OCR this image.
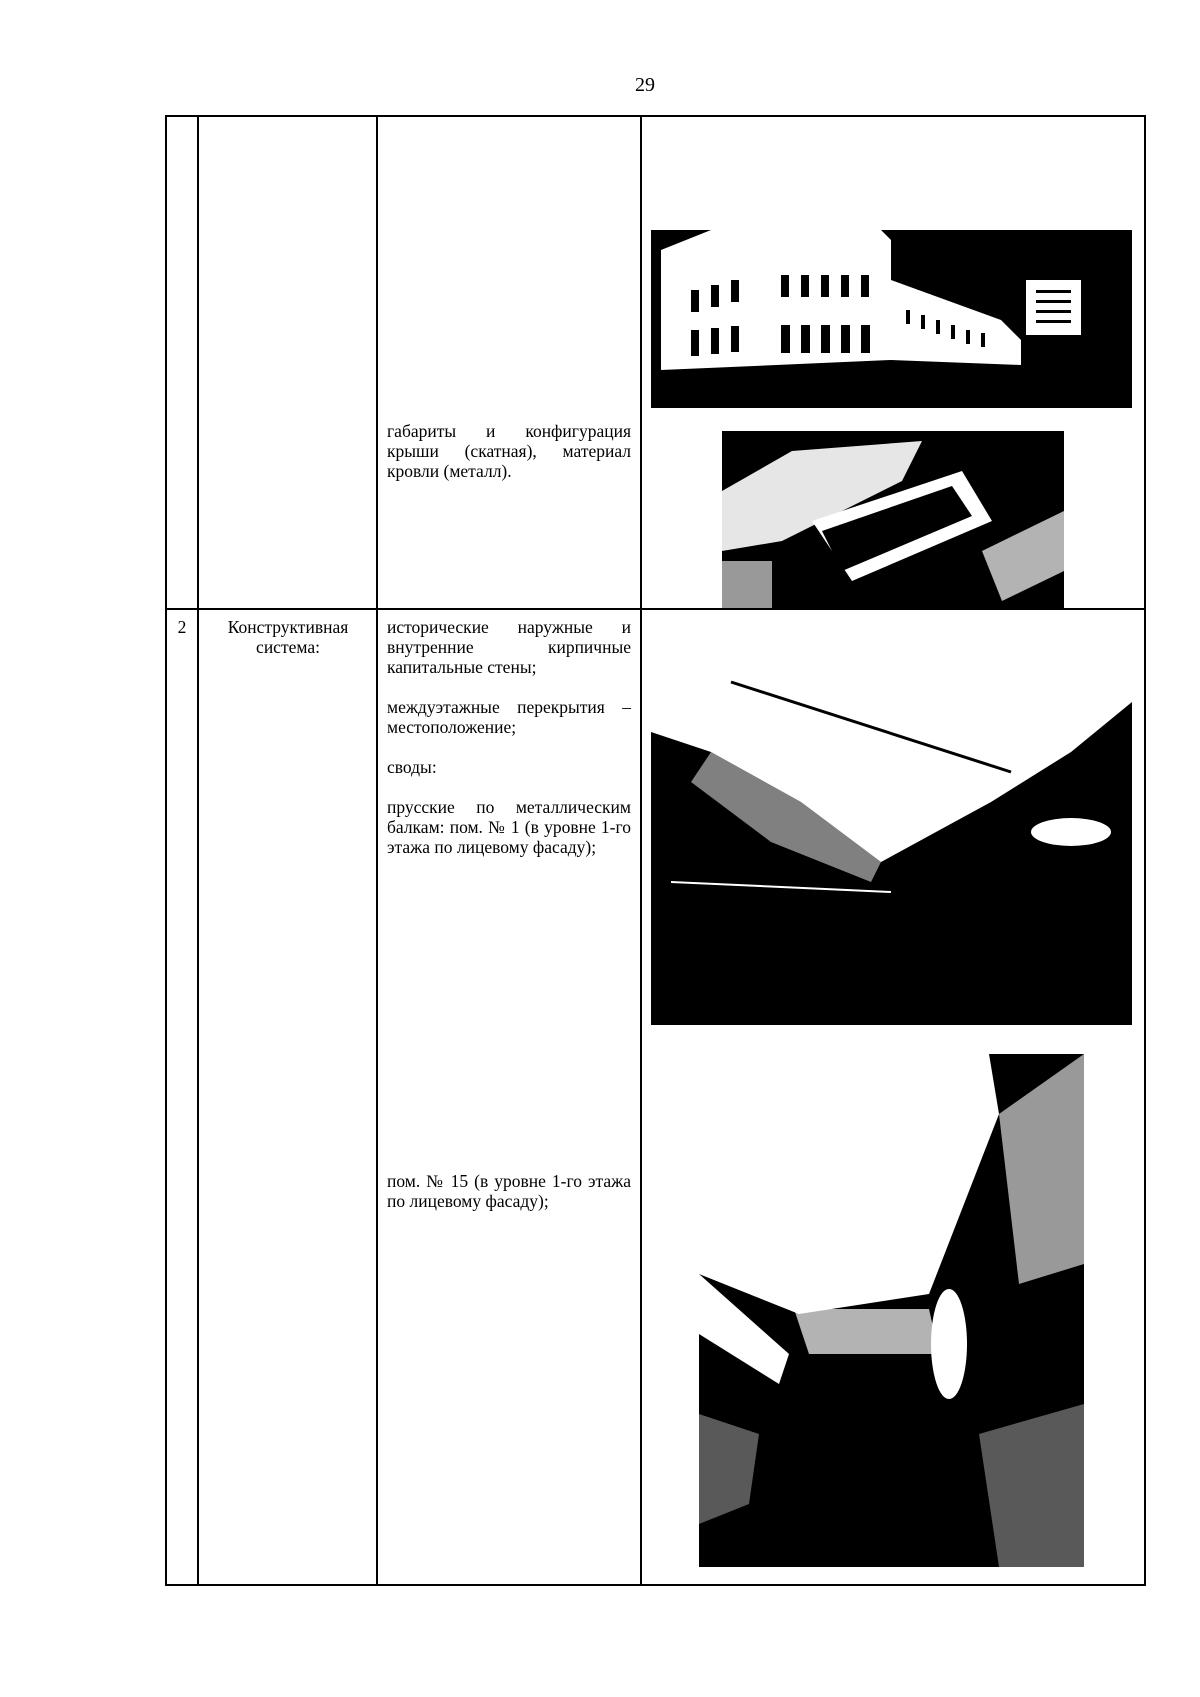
29

габариты и конфигурация крыши (скатная), материал кровли (металл).

2	Конструктивная система:

исторические наружные и внутренние кирпичные капитальные стены;

междуэтажные перекрытия – местоположение;

своды:

прусские по металлическим балкам: пом. № 1 (в уровне 1-го этажа по лицевому фасаду);

пом. № 15 (в уровне 1-го этажа по лицевому фасаду);
